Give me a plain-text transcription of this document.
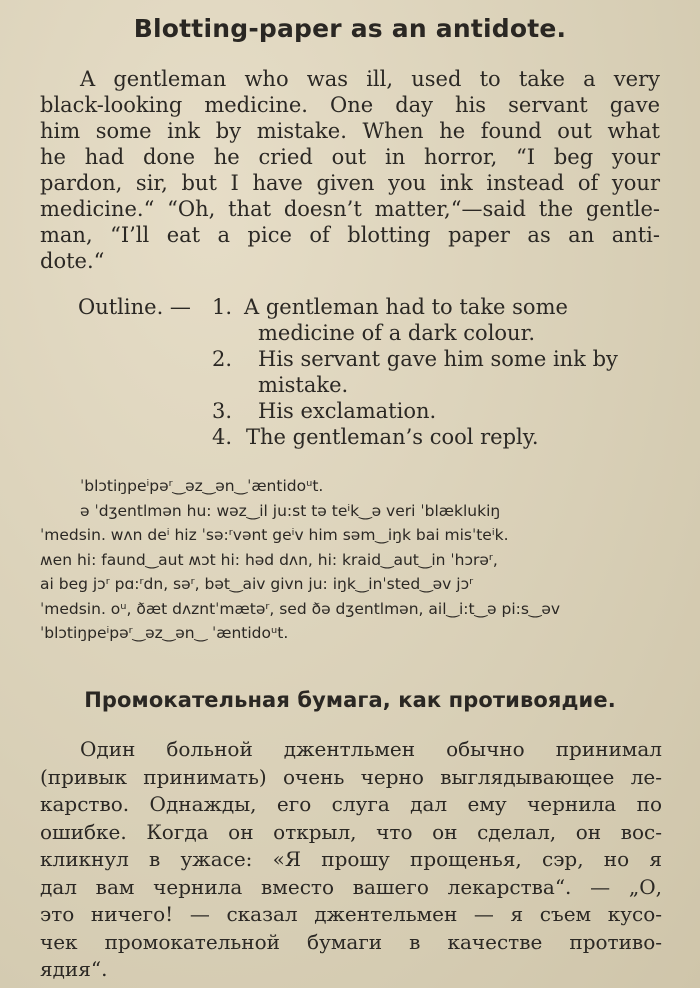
Blotting-paper as an antidote.
A gentleman who was ill, used to take a very
black-looking medicine. One day his servant gave
him some ink by mistake. When he found out what
he had done he cried out in horror, “I beg your
pardon, sir, but I have given you ink instead of your
medicine.“ “Oh, that doesn’t matter,“—said the gentle-
man, “I’ll eat a pice of blotting paper as an anti-
dote.“
Outline. — 1. A gentleman had to take some
medicine of a dark colour.
2.	His servant gave him some ink by
mistake.
3.	His exclamation.
4. The gentleman’s cool reply.
ˈblɔtiŋpeⁱpəʳ‿əz‿ən‿ˈæntidoᵘt.
ə ˈdʒentlmən hu: wəz‿il ju:st tə teⁱk‿ə veri ˈblæklukiŋ
ˈmedsin. wʌn deⁱ hiz ˈsə:ʳvənt geⁱv him səm‿iŋk bai misˈteⁱk.
ʍen hi: faund‿aut ʍɔt hi: həd dʌn, hi: kraid‿aut‿in ˈhɔrəʳ,
ai beg jɔʳ pɑ:ʳdn, səʳ, bət‿aiv givn ju: iŋk‿inˈsted‿əv jɔʳ
ˈmedsin. oᵘ, ðæt dʌzntˈmætəʳ, sed ðə dʒentlmən, ail‿i:t‿ə pi:s‿əv
ˈblɔtiŋpeⁱpəʳ‿əz‿ən‿ ˈæntidoᵘt.
Промокательная бумага, как противоядие.
Один больной джентльмен обычно принимал
(привык принимать) очень черно выглядывающее ле-
карство. Однажды, его слуга дал ему чернила по
ошибке. Когда он открыл, что он сделал, он вос-
кликнул в ужасе: «Я прошу прощенья, сэр, но я
дал вам чернила вместо вашего лекарства“. — „О,
это ничего! — сказал джентельмен — я съем кусо-
чек промокательной бумаги в качестве противо-
ядия“.
